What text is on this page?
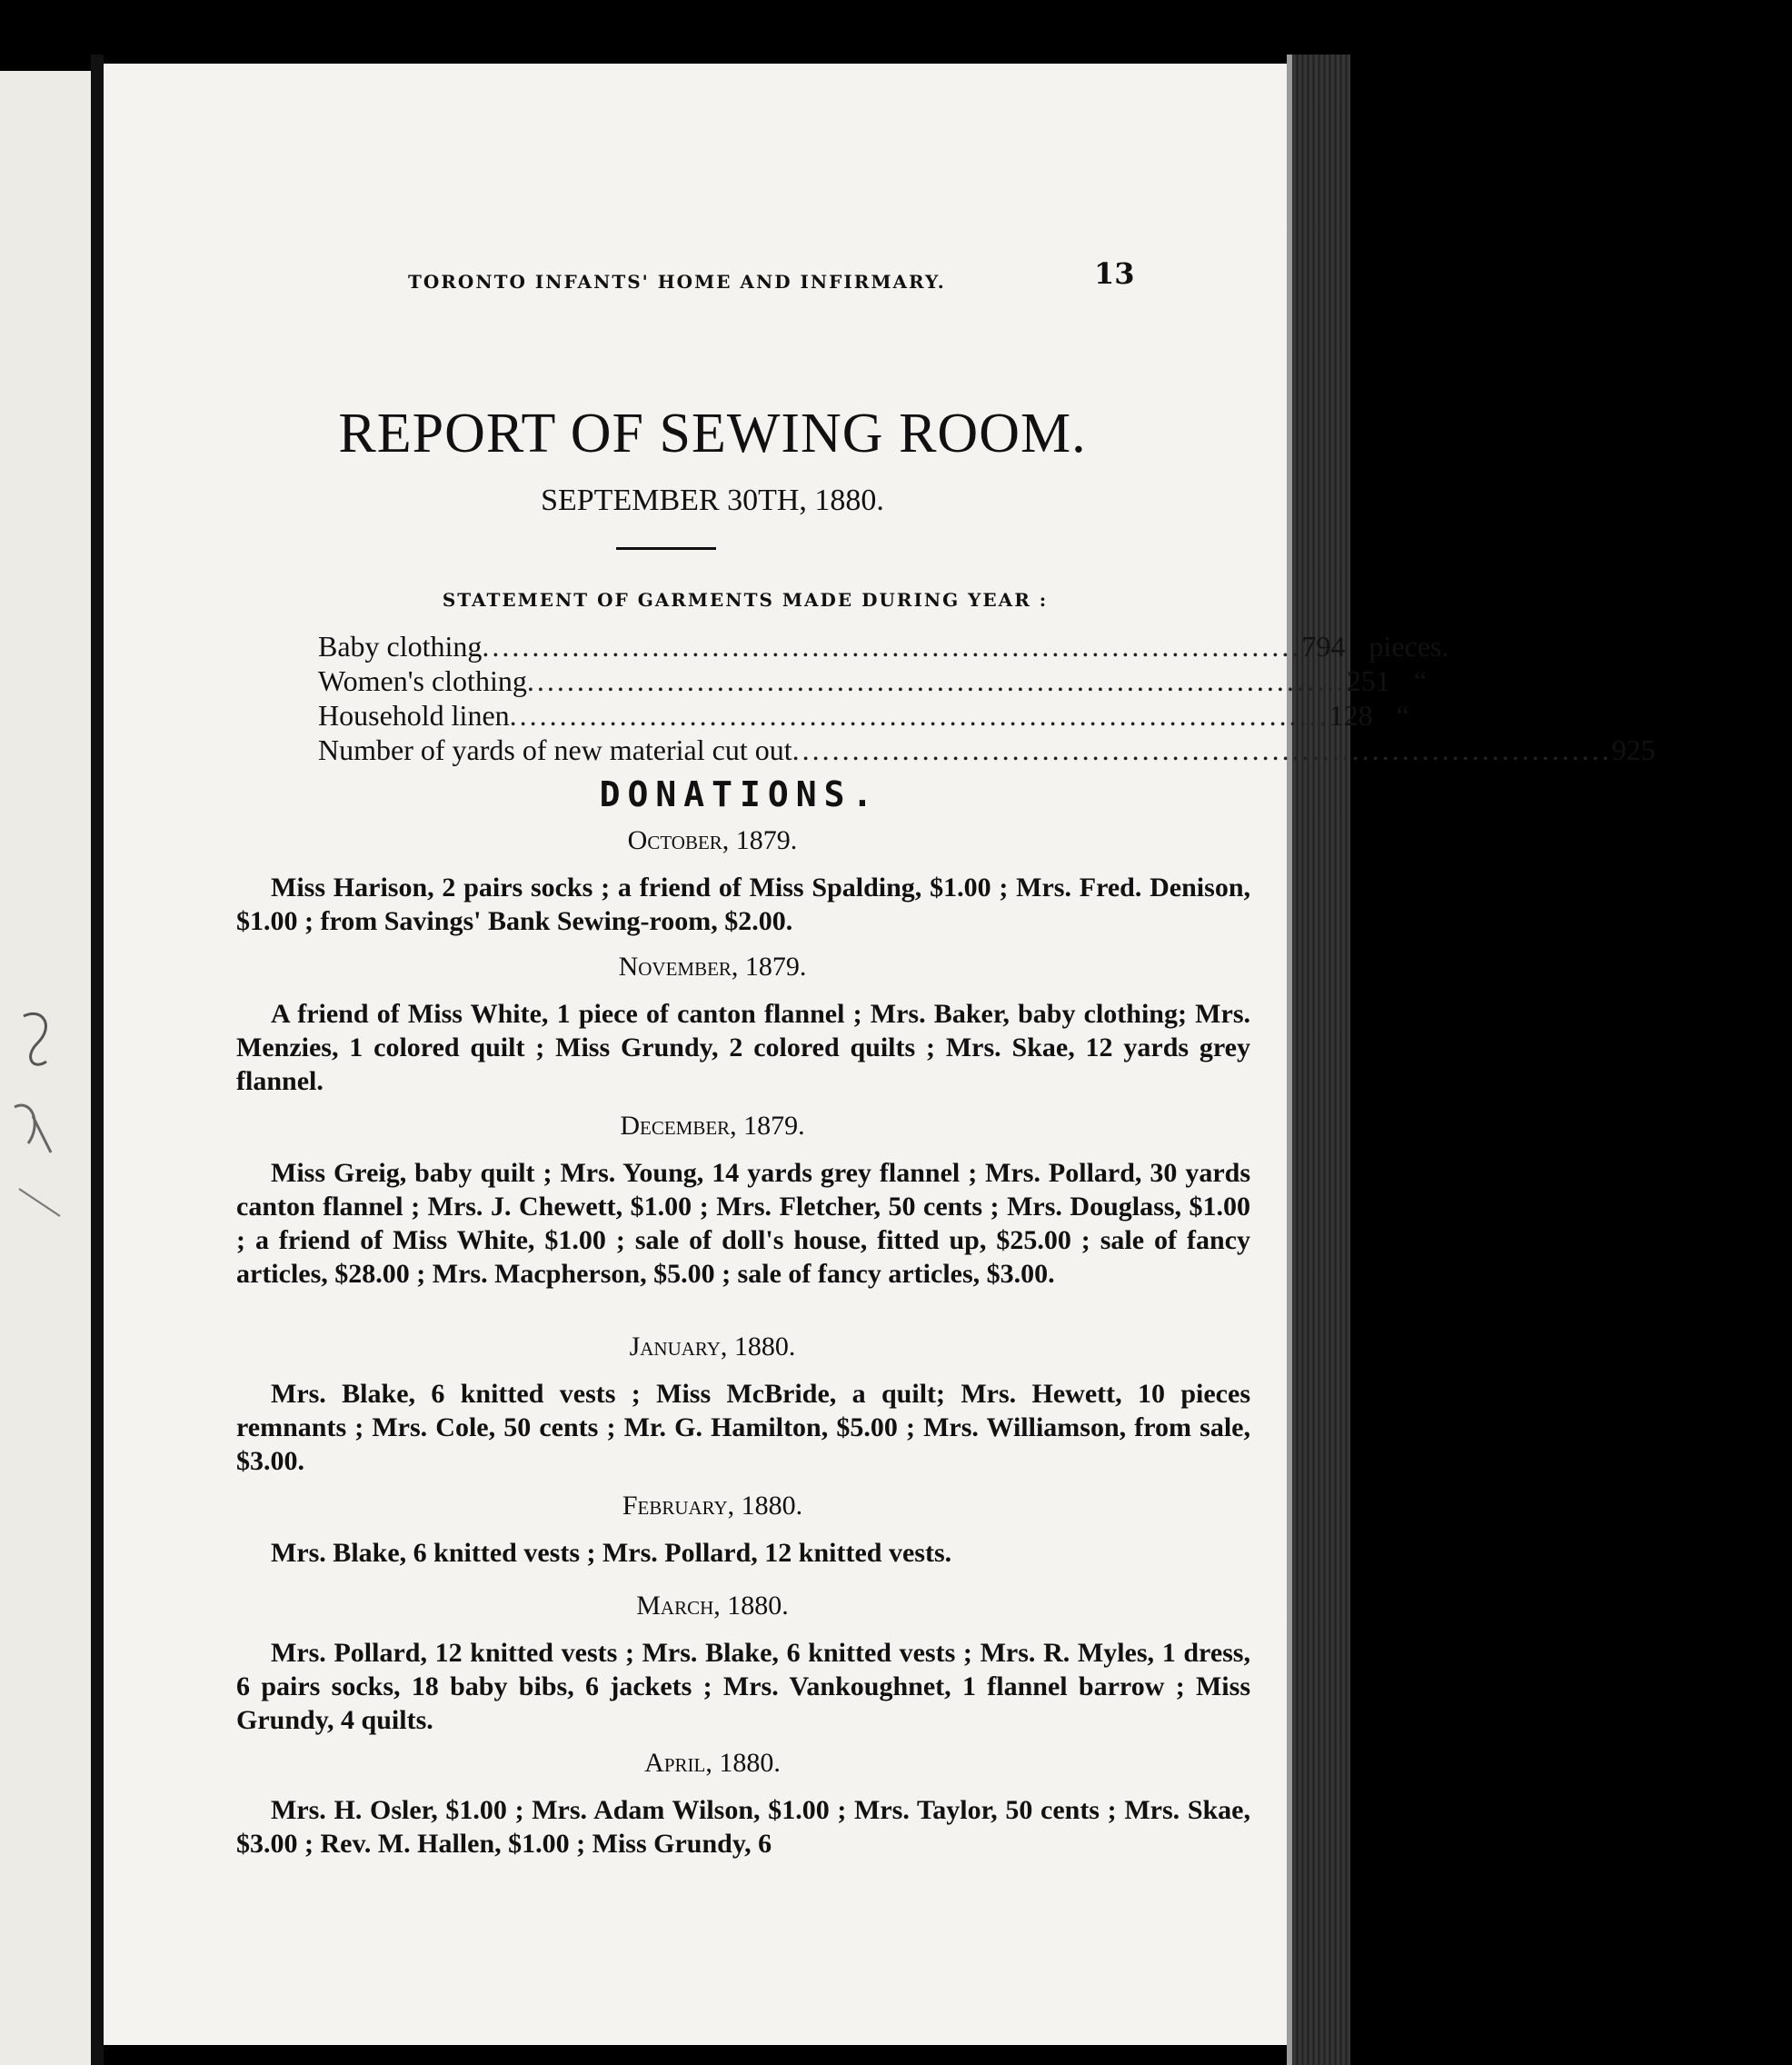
TORONTO INFANTS' HOME AND INFIRMARY.	13
REPORT OF SEWING ROOM.
SEPTEMBER 30TH, 1880.
STATEMENT OF GARMENTS MADE DURING YEAR :
Baby clothing .................................................................................. 794 pieces.
Women's clothing .................................................................................. 251 “
Household linen .................................................................................. 128 “
Number of yards of new material cut out .................................................................................. 925
DONATIONS.
October, 1879.
Miss Harison, 2 pairs socks ; a friend of Miss Spalding, $1.00 ; Mrs. Fred. Denison, $1.00 ; from Savings' Bank Sewing-room, $2.00.
November, 1879.
A friend of Miss White, 1 piece of canton flannel ; Mrs. Baker, baby clothing; Mrs. Menzies, 1 colored quilt ; Miss Grundy, 2 colored quilts ; Mrs. Skae, 12 yards grey flannel.
December, 1879.
Miss Greig, baby quilt ; Mrs. Young, 14 yards grey flannel ; Mrs. Pollard, 30 yards canton flannel ; Mrs. J. Chewett, $1.00 ; Mrs. Fletcher, 50 cents ; Mrs. Douglass, $1.00 ; a friend of Miss White, $1.00 ; sale of doll's house, fitted up, $25.00 ; sale of fancy articles, $28.00 ; Mrs. Macpherson, $5.00 ; sale of fancy articles, $3.00.
January, 1880.
Mrs. Blake, 6 knitted vests ; Miss McBride, a quilt; Mrs. Hewett, 10 pieces remnants ; Mrs. Cole, 50 cents ; Mr. G. Hamilton, $5.00 ; Mrs. Williamson, from sale, $3.00.
February, 1880.
Mrs. Blake, 6 knitted vests ; Mrs. Pollard, 12 knitted vests.
March, 1880.
Mrs. Pollard, 12 knitted vests ; Mrs. Blake, 6 knitted vests ; Mrs. R. Myles, 1 dress, 6 pairs socks, 18 baby bibs, 6 jackets ; Mrs. Vankoughnet, 1 flannel barrow ; Miss Grundy, 4 quilts.
April, 1880.
Mrs. H. Osler, $1.00 ; Mrs. Adam Wilson, $1.00 ; Mrs. Taylor, 50 cents ; Mrs. Skae, $3.00 ; Rev. M. Hallen, $1.00 ; Miss Grundy, 6
